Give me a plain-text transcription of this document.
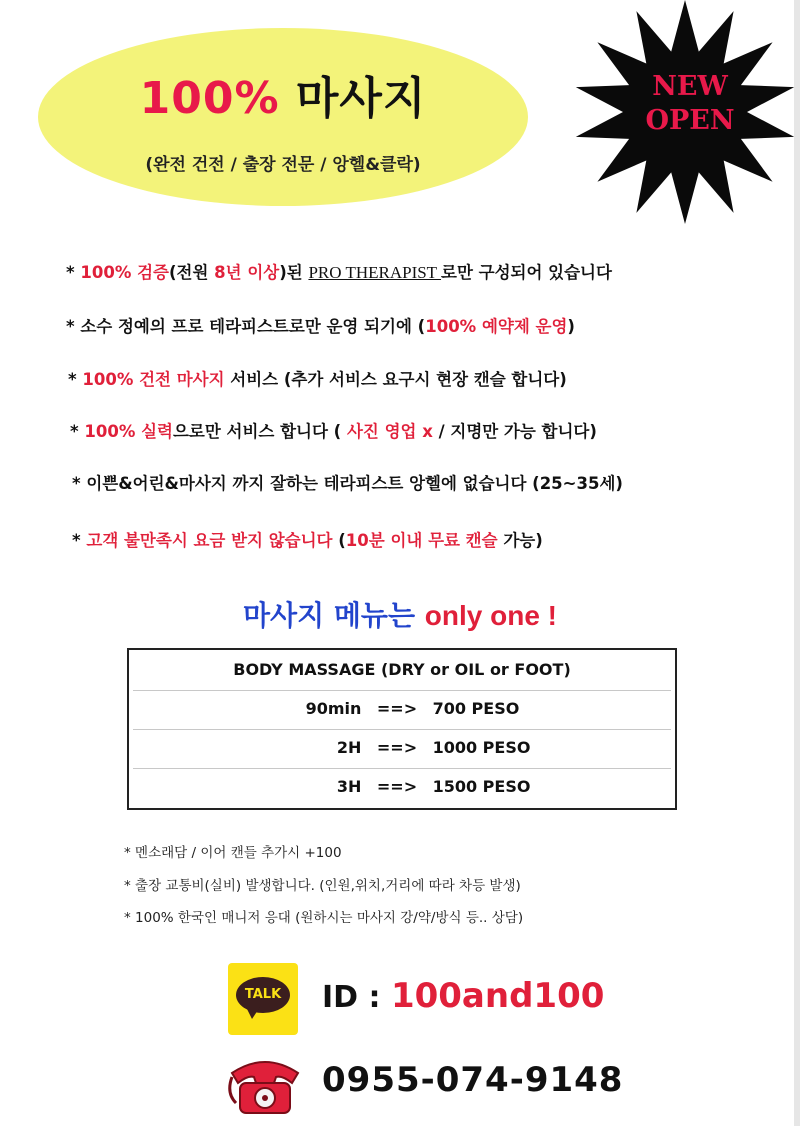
100% 마사지
(완전 건전 / 출장 전문 / 앙헬&클락)
NEW
OPEN
* 100% 검증(전원 8년 이상)된 PRO THERAPIST 로만 구성되어 있습니다
* 소수 정예의 프로 테라피스트로만 운영 되기에 (100% 예약제 운영)
* 100% 건전 마사지 서비스 (추가 서비스 요구시 현장 캔슬 합니다)
* 100% 실력으로만 서비스 합니다 ( 사진 영업 x / 지명만 가능 합니다)
* 이쁜&어린&마사지 까지 잘하는 테라피스트 앙헬에 없습니다 (25~35세)
* 고객 불만족시 요금 받지 않습니다 (10분 이내 무료 캔슬 가능)
마사지 메뉴는 only one !
BODY MASSAGE (DRY or OIL or FOOT)
90min ==> 700 PESO
2H ==> 1000 PESO
3H ==> 1500 PESO
* 멘소래담 / 이어 캔들 추가시 +100
* 출장 교통비(실비) 발생합니다. (인원,위치,거리에 따라 차등 발생)
* 100% 한국인 매니저 응대 (원하시는 마사지 강/약/방식 등.. 상담)
TALK ID : 100and100
0955-074-9148
